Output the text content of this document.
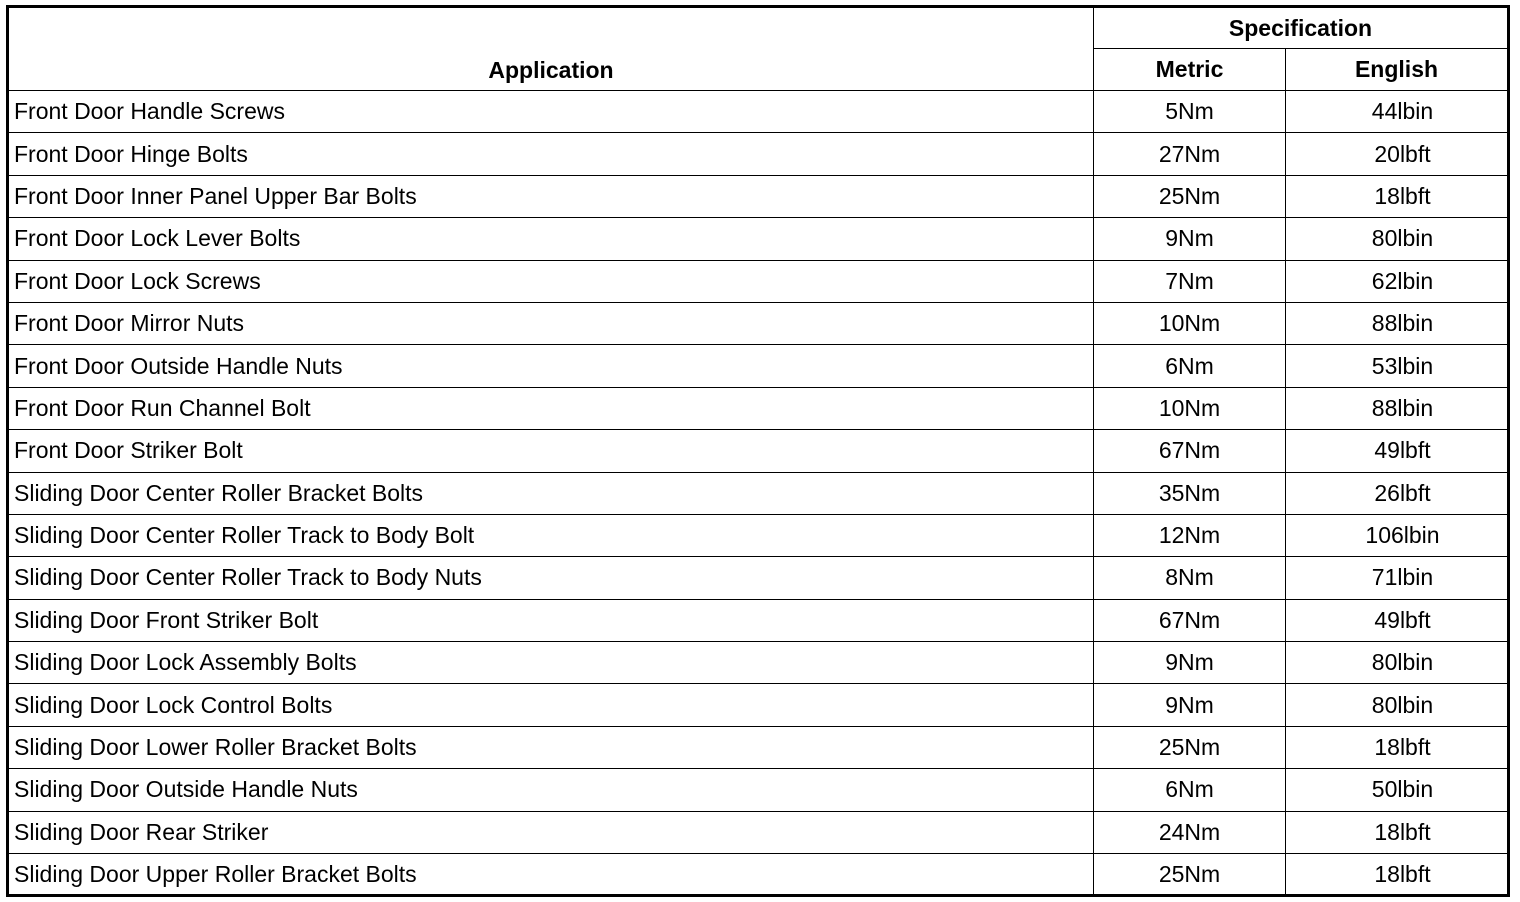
Application	Specification	
	Metric	English
Front Door Handle Screws	5Nm	44lbin
Front Door Hinge Bolts	27Nm	20lbft
Front Door Inner Panel Upper Bar Bolts	25Nm	18lbft
Front Door Lock Lever Bolts	9Nm	80lbin
Front Door Lock Screws	7Nm	62lbin
Front Door Mirror Nuts	10Nm	88lbin
Front Door Outside Handle Nuts	6Nm	53lbin
Front Door Run Channel Bolt	10Nm	88lbin
Front Door Striker Bolt	67Nm	49lbft
Sliding Door Center Roller Bracket Bolts	35Nm	26lbft
Sliding Door Center Roller Track to Body Bolt	12Nm	106lbin
Sliding Door Center Roller Track to Body Nuts	8Nm	71lbin
Sliding Door Front Striker Bolt	67Nm	49lbft
Sliding Door Lock Assembly Bolts	9Nm	80lbin
Sliding Door Lock Control Bolts	9Nm	80lbin
Sliding Door Lower Roller Bracket Bolts	25Nm	18lbft
Sliding Door Outside Handle Nuts	6Nm	50lbin
Sliding Door Rear Striker	24Nm	18lbft
Sliding Door Upper Roller Bracket Bolts	25Nm	18lbft
